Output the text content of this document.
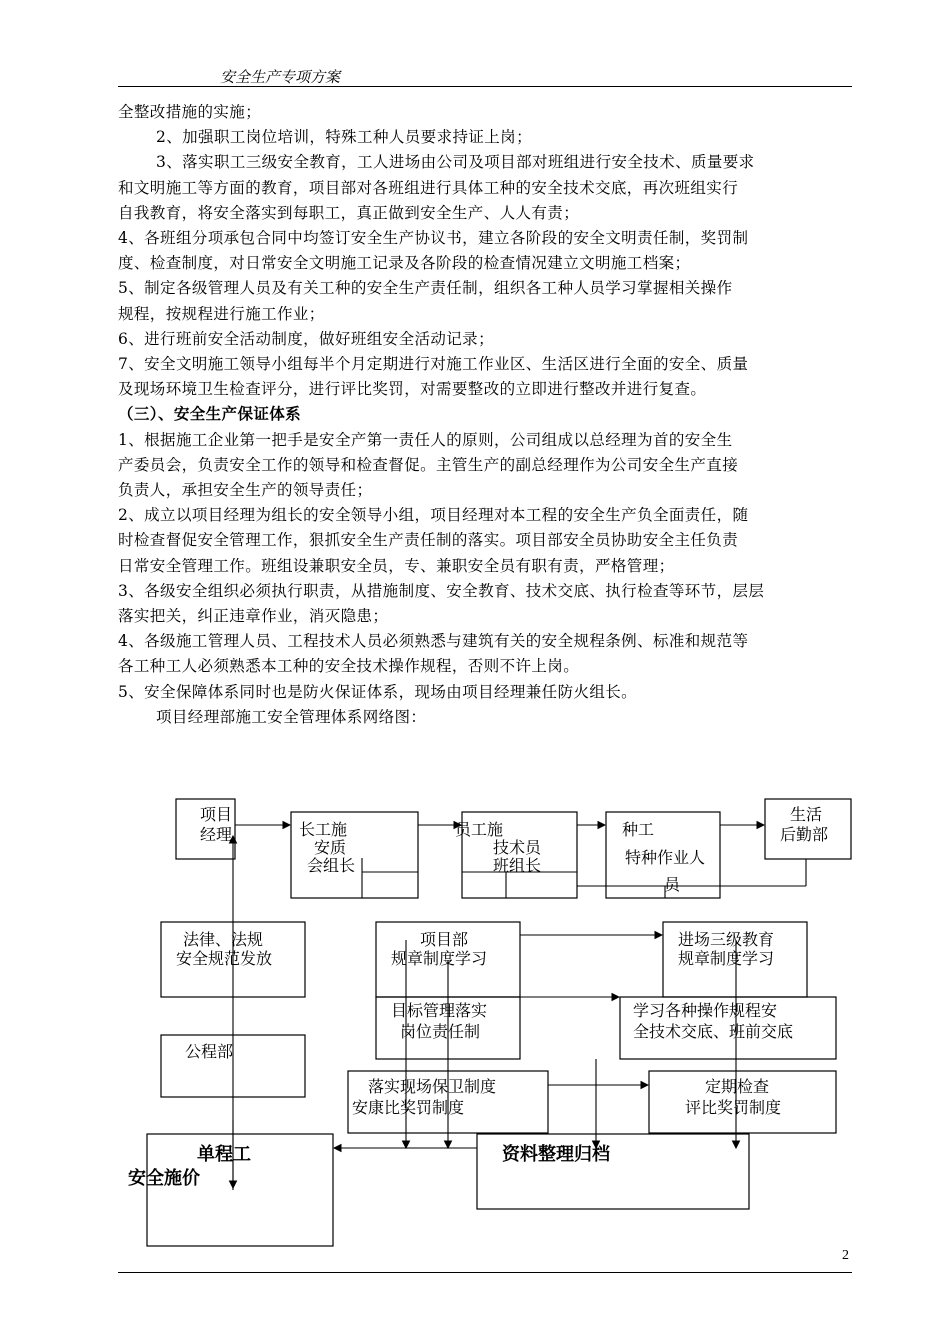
安全生产专项方案
全整改措施的实施；
2、加强职工岗位培训，特殊工种人员要求持证上岗；
3、落实职工三级安全教育，工人进场由公司及项目部对班组进行安全技术、质量要求
和文明施工等方面的教育，项目部对各班组进行具体工种的安全技术交底，再次班组实行
自我教育，将安全落实到每职工，真正做到安全生产、人人有责；
4、各班组分项承包合同中均签订安全生产协议书，建立各阶段的安全文明责任制，奖罚制
度、检查制度，对日常安全文明施工记录及各阶段的检查情况建立文明施工档案；
5、制定各级管理人员及有关工种的安全生产责任制，组织各工种人员学习掌握相关操作
规程，按规程进行施工作业；
6、进行班前安全活动制度，做好班组安全活动记录；
7、安全文明施工领导小组每半个月定期进行对施工作业区、生活区进行全面的安全、质量
及现场环境卫生检查评分，进行评比奖罚，对需要整改的立即进行整改并进行复查。
（三）、安全生产保证体系
1、根据施工企业第一把手是安全产第一责任人的原则，公司组成以总经理为首的安全生
产委员会，负责安全工作的领导和检查督促。主管生产的副总经理作为公司安全生产直接
负责人，承担安全生产的领导责任；
2、成立以项目经理为组长的安全领导小组，项目经理对本工程的安全生产负全面责任，随
时检查督促安全管理工作，狠抓安全生产责任制的落实。项目部安全员协助安全主任负责
日常安全管理工作。班组设兼职安全员，专、兼职安全员有职有责，严格管理；
3、各级安全组织必须执行职责，从措施制度、安全教育、技术交底、执行检查等环节，层层
落实把关，纠正违章作业，消灭隐患；
4、各级施工管理人员、工程技术人员必须熟悉与建筑有关的安全规程条例、标准和规范等
各工种工人必须熟悉本工种的安全技术操作规程，否则不许上岗。
5、安全保障体系同时也是防火保证体系，现场由项目经理兼任防火组长。
项目经理部施工安全管理体系网络图：
项目
经理	长工施
安质
会组长
员工施
技术员
班组长
种工
特种作业人
员
生活
后勤部
法律、法规
安全规范发放
项目部
规章制度学习
进场三级教育
规章制度学习
目标管理落实
岗位责任制
学习各种操作规程安
全技术交底、班前交底
公程部
落实现场保卫制度
安康比奖罚制度
定期检查
评比奖罚制度
单程工
安全施价
资料整理归档
2
